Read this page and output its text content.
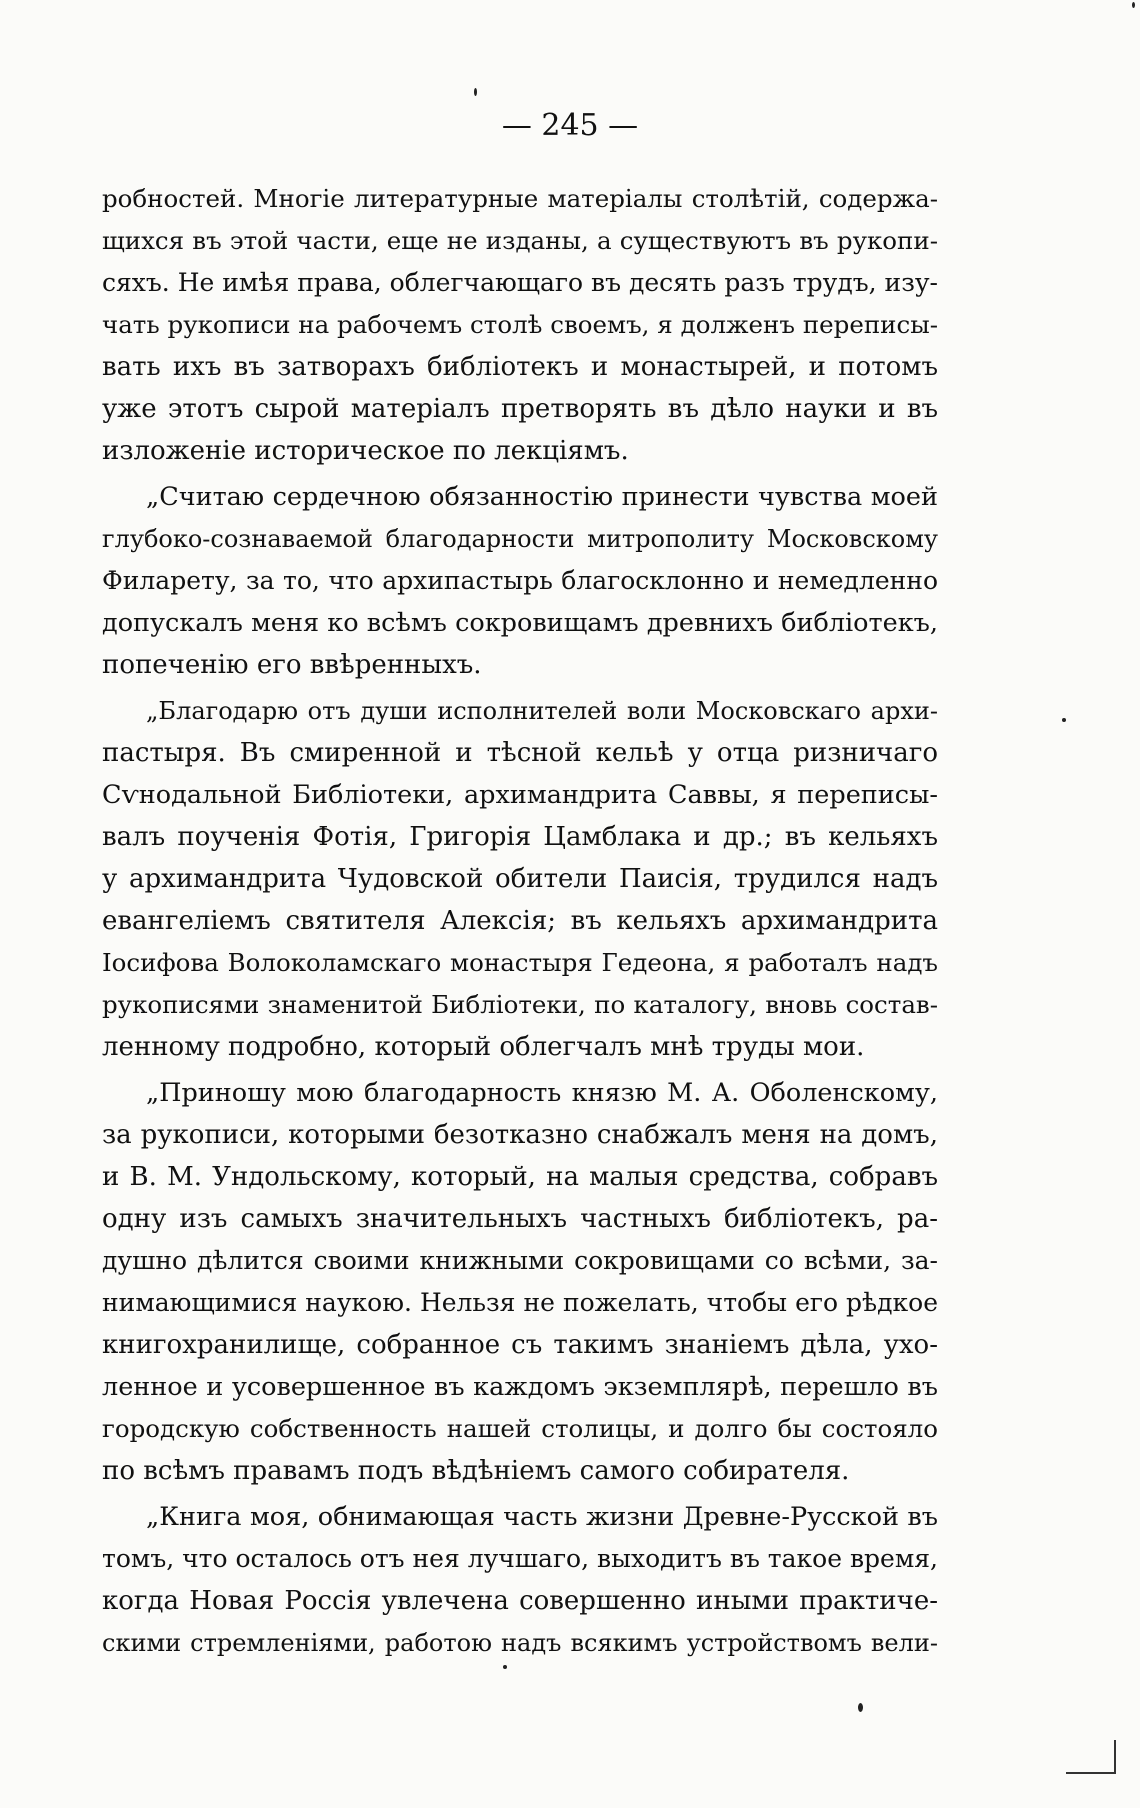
— 245 —
робностей. Многіе литературные матеріалы столѣтій, содержа-
щихся въ этой части, еще не изданы, а существуютъ въ рукопи-
сяхъ. Не имѣя права, облегчающаго въ десять разъ трудъ, изу-
чать рукописи на рабочемъ столѣ своемъ, я долженъ переписы-
вать ихъ въ затворахъ библіотекъ и монастырей, и потомъ
уже этотъ сырой матеріалъ претворять въ дѣло науки и въ
изложеніе историческое по лекціямъ.
„Считаю сердечною обязанностію принести чувства моей
глубоко-сознаваемой благодарности митрополиту Московскому
Филарету, за то, что архипастырь благосклонно и немедленно
допускалъ меня ко всѣмъ сокровищамъ древнихъ библіотекъ,
попеченію его ввѣренныхъ.
„Благодарю отъ души исполнителей воли Московскаго архи-
пастыря. Въ смиренной и тѣсной кельѣ у отца ризничаго
Сѵнодальной Библіотеки, архимандрита Саввы, я переписы-
валъ поученія Фотія, Григорія Цамблака и др.; въ кельяхъ
у архимандрита Чудовской обители Паисія, трудился надъ
евангеліемъ святителя Алексія; въ кельяхъ архимандрита
Іосифова Волоколамскаго монастыря Гедеона, я работалъ надъ
рукописями знаменитой Библіотеки, по каталогу, вновь состав-
ленному подробно, который облегчалъ мнѣ труды мои.
„Приношу мою благодарность князю М. А. Оболенскому,
за рукописи, которыми безотказно снабжалъ меня на домъ,
и В. М. Ундольскому, который, на малыя средства, собравъ
одну изъ самыхъ значительныхъ частныхъ библіотекъ, ра-
душно дѣлится своими книжными сокровищами со всѣми, за-
нимающимися наукою. Нельзя не пожелать, чтобы его рѣдкое
книгохранилище, собранное съ такимъ знаніемъ дѣла, ухо-
ленное и усовершенное въ каждомъ экземплярѣ, перешло въ
городскую собственность нашей столицы, и долго бы состояло
по всѣмъ правамъ подъ вѣдѣніемъ самого собирателя.
„Книга моя, обнимающая часть жизни Древне-Русской въ
томъ, что осталось отъ нея лучшаго, выходитъ въ такое время,
когда Новая Россія увлечена совершенно иными практиче-
скими стремленіями, работою надъ всякимъ устройствомъ вели-
